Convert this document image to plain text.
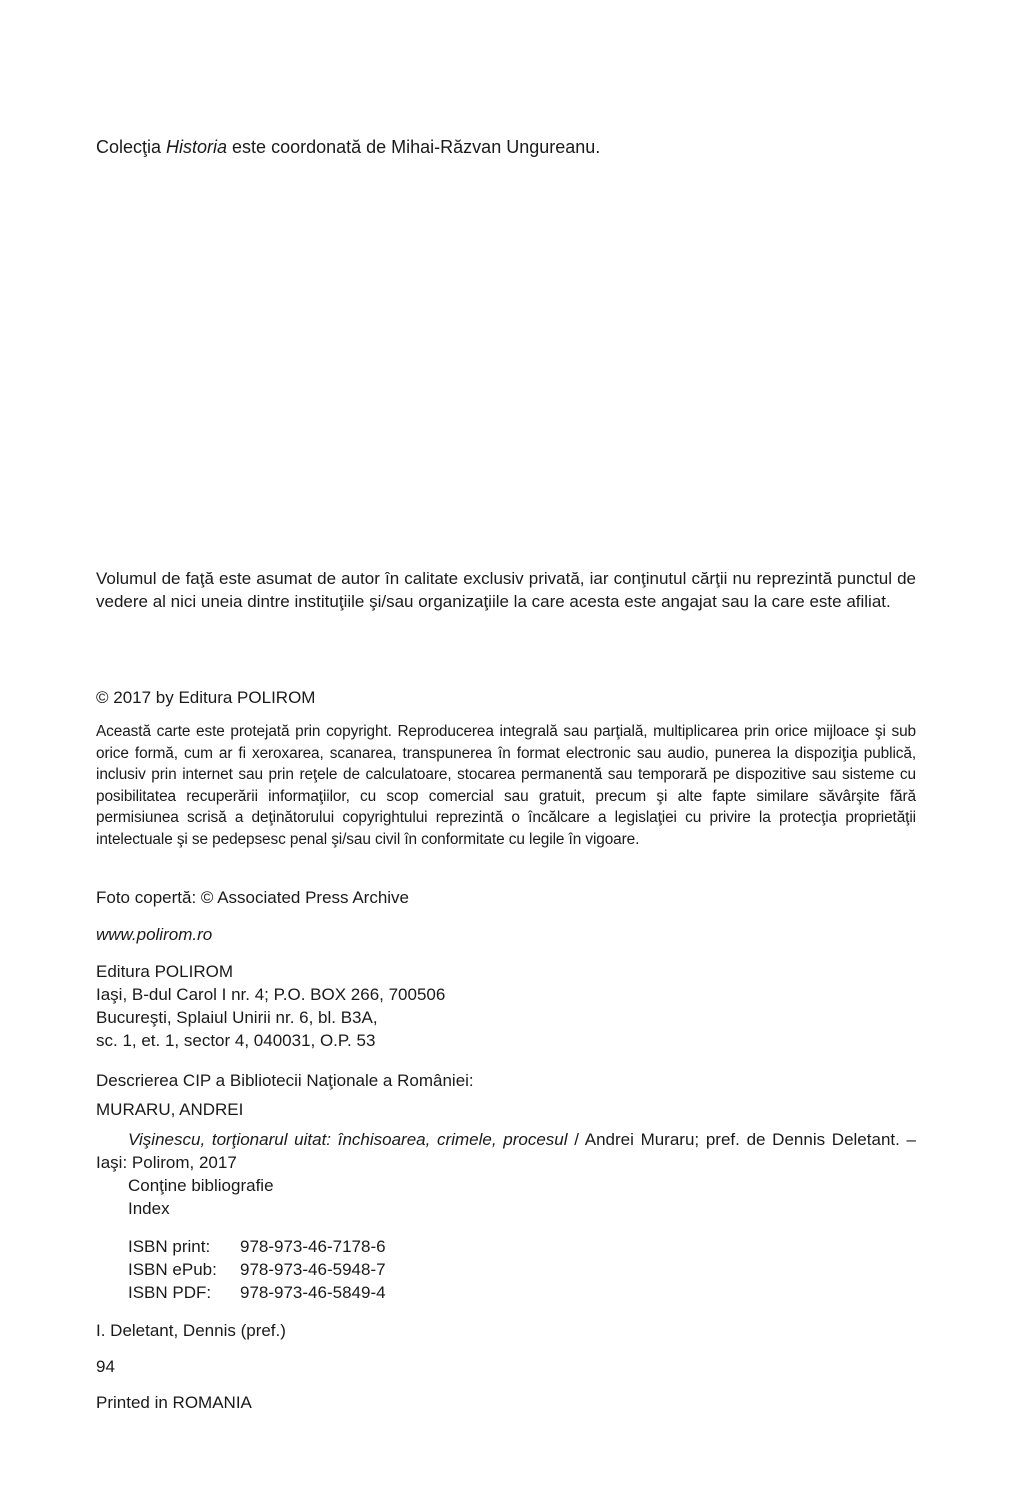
Colecţia Historia este coordonată de Mihai-Răzvan Ungureanu.

Volumul de faţă este asumat de autor în calitate exclusiv privată, iar conţinutul cărţii nu reprezintă punctul de vedere al nici uneia dintre instituţiile şi/sau organizaţiile la care acesta este angajat sau la care este afiliat.

© 2017 by Editura POLIROM

Această carte este protejată prin copyright. Reproducerea integrală sau parţială, multiplicarea prin orice mijloace şi sub orice formă, cum ar fi xeroxarea, scanarea, transpunerea în format electronic sau audio, punerea la dispoziţia publică, inclusiv prin internet sau prin reţele de calculatoare, stocarea permanentă sau temporară pe dispozitive sau sisteme cu posibilitatea recuperării informaţiilor, cu scop comercial sau gratuit, precum şi alte fapte similare săvârşite fără permisiunea scrisă a deţinătorului copyrightului reprezintă o încălcare a legislaţiei cu privire la protecţia proprietăţii intelectuale şi se pedepsesc penal şi/sau civil în conformitate cu legile în vigoare.

Foto copertă: © Associated Press Archive

www.polirom.ro

Editura POLIROM
Iaşi, B-dul Carol I nr. 4; P.O. BOX 266, 700506
Bucureşti, Splaiul Unirii nr. 6, bl. B3A,
sc. 1, et. 1, sector 4, 040031, O.P. 53

Descrierea CIP a Bibliotecii Naţionale a României:

MURARU, ANDREI

Vişinescu, torţionarul uitat: închisoarea, crimele, procesul / Andrei Muraru; pref. de Dennis Deletant. – Iaşi: Polirom, 2017

Conţine bibliografie
Index
ISBN print: 978-973-46-7178-6
ISBN ePub: 978-973-46-5948-7
ISBN PDF: 978-973-46-5849-4

I. Deletant, Dennis (pref.)

94

Printed in ROMANIA
